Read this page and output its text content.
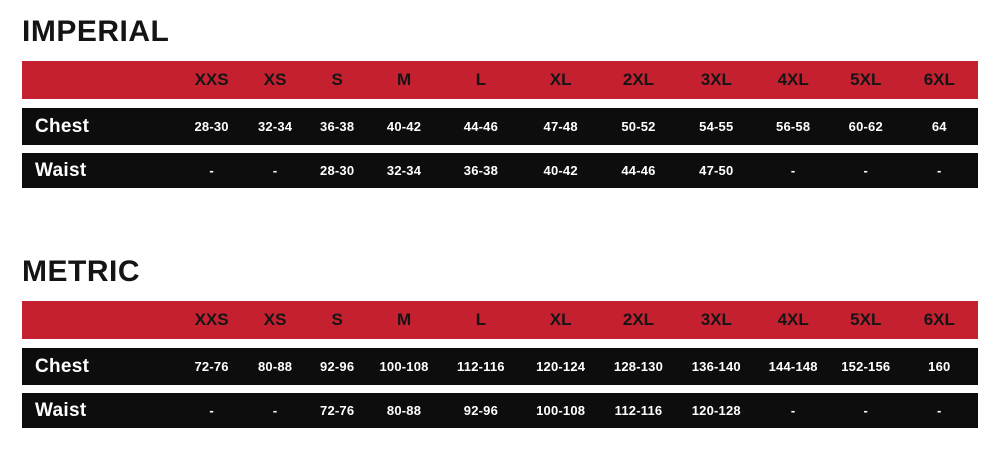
IMPERIAL
XXS	XS	S	M	L	XL	2XL	3XL	4XL	5XL	6XL
Chest	28-30	32-34	36-38	40-42	44-46	47-48	50-52	54-55	56-58	60-62	64
Waist	-	-	28-30	32-34	36-38	40-42	44-46	47-50	-	-	-
METRIC
XXS	XS	S	M	L	XL	2XL	3XL	4XL	5XL	6XL
Chest	72-76	80-88	92-96	100-108	112-116	120-124	128-130	136-140	144-148	152-156	160
Waist	-	-	72-76	80-88	92-96	100-108	112-116	120-128	-	-	-
